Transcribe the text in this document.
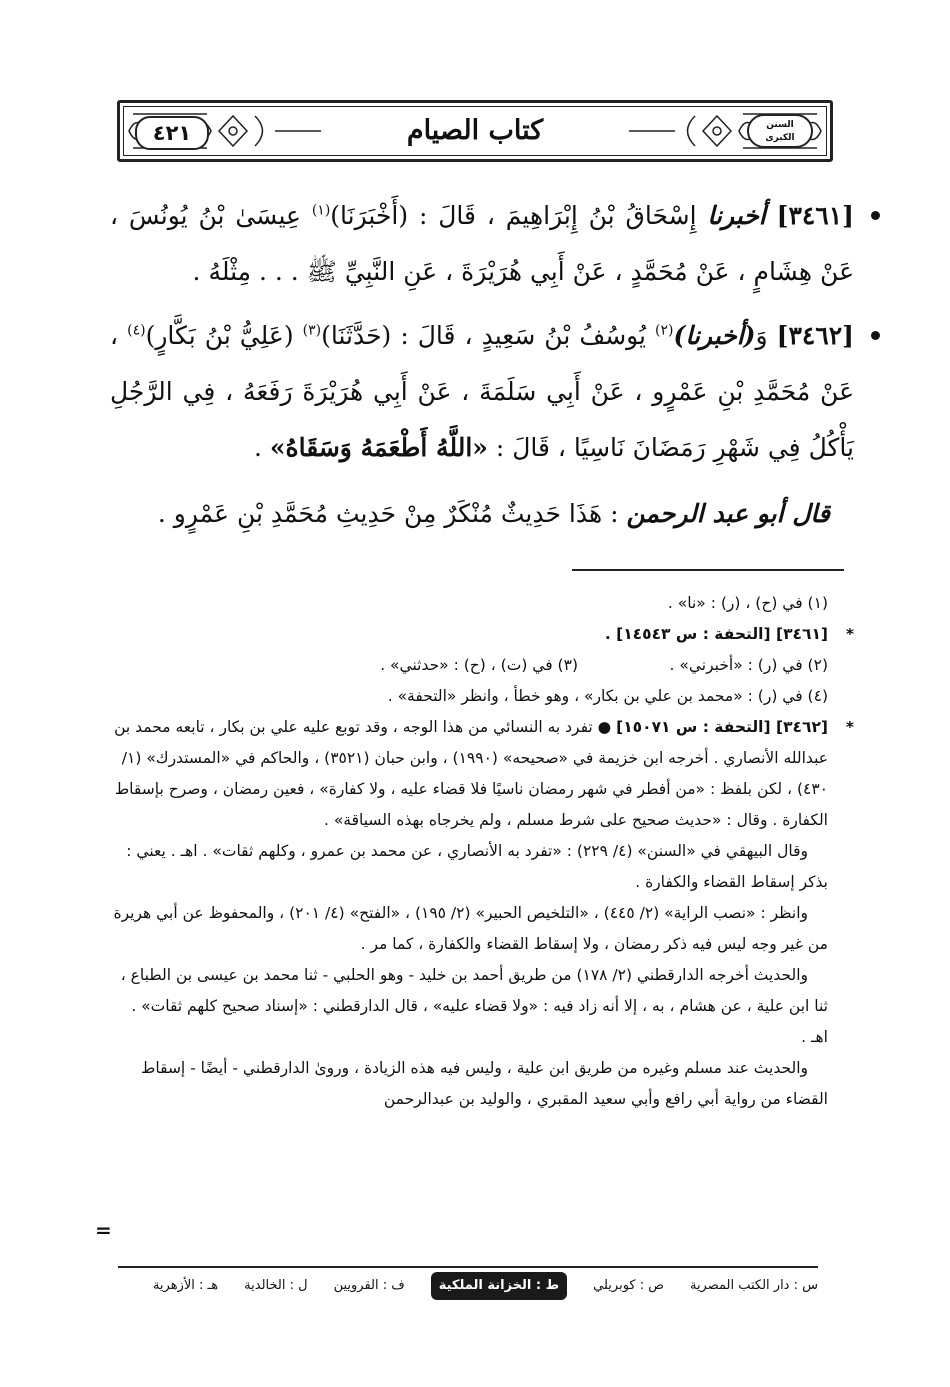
٤٢١	السنن
الكبرى
كتاب الصيام

[٣٤٦١] أخبرنا إِسْحَاقُ بْنُ إِبْرَاهِيمَ ، قَالَ : (أَخْبَرَنَا)$^{(١)}$ عِيسَىٰ بْنُ يُونُسَ ، عَنْ هِشَامٍ ، عَنْ مُحَمَّدٍ ، عَنْ أَبِي هُرَيْرَةَ ، عَنِ النَّبِيِّ ﷺ . . . مِثْلَهُ .

[٣٤٦٢] وَ(أخبرنا)$^{(٢)}$ يُوسُفُ بْنُ سَعِيدٍ ، قَالَ : (حَدَّثَنَا)$^{(٣)}$ (عَلِيُّ بْنُ بَكَّارٍ)$^{(٤)}$ ، عَنْ مُحَمَّدِ بْنِ عَمْرٍو ، عَنْ أَبِي سَلَمَةَ ، عَنْ أَبِي هُرَيْرَةَ رَفَعَهُ ، فِي الرَّجُلِ يَأْكُلُ فِي شَهْرِ رَمَضَانَ نَاسِيًا ، قَالَ : «اللَّهُ أَطْعَمَهُ وَسَقَاهُ» .

قال أبو عبد الرحمن : هَذَا حَدِيثٌ مُنْكَرٌ مِنْ حَدِيثِ مُحَمَّدِ بْنِ عَمْرٍو .

(١) في (ح) ، (ر) : «نا» .

*
[٣٤٦١] [التحفة : س ١٤٥٤٣] .

(٢) في (ر) : «أخبرني» .
(٣) في (ت) ، (ح) : «حدثني» .

(٤) في (ر) : «محمد بن علي بن بكار» ، وهو خطأ ، وانظر «التحفة» .

*
[٣٤٦٢] [التحفة : س ١٥٠٧١] ● تفرد به النسائي من هذا الوجه ، وقد توبع عليه علي بن بكار ، تابعه محمد بن عبدالله الأنصاري . أخرجه ابن خزيمة في «صحيحه» (١٩٩٠) ، وابن حبان (٣٥٢١) ، والحاكم في «المستدرك» (١/ ٤٣٠) ، لكن بلفظ : «من أفطر في شهر رمضان ناسيًا فلا قضاء عليه ، ولا كفارة» ، فعين رمضان ، وصرح بإسقاط الكفارة . وقال : «حديث صحيح على شرط مسلم ، ولم يخرجاه بهذه السياقة» .

وقال البيهقي في «السنن» (٤/ ٢٢٩) : «تفرد به الأنصاري ، عن محمد بن عمرو ، وكلهم ثقات» . اهـ . يعني : بذكر إسقاط القضاء والكفارة .

وانظر : «نصب الراية» (٢/ ٤٤٥) ، «التلخيص الحبير» (٢/ ١٩٥) ، «الفتح» (٤/ ٢٠١) ، والمحفوظ عن أبي هريرة من غير وجه ليس فيه ذكر رمضان ، ولا إسقاط القضاء والكفارة ، كما مر .

والحديث أخرجه الدارقطني (٢/ ١٧٨) من طريق أحمد بن خليد - وهو الحلبي - ثنا محمد بن عيسى بن الطباع ، ثنا ابن علية ، عن هشام ، به ، إلا أنه زاد فيه : «ولا قضاء عليه» ، قال الدارقطني : «إسناد صحيح كلهم ثقات» . اهـ .

والحديث عند مسلم وغيره من طريق ابن علية ، وليس فيه هذه الزيادة ، وروىٰ الدارقطني - أيضًا - إسقاط القضاء من رواية أبي رافع وأبي سعيد المقبري ، والوليد بن عبدالرحمن

=
س : دار الكتب المصرية
ص : كوبريلي
ط : الخزانة الملكية
ف : القرويين
ل : الخالدية
هـ : الأزهرية
